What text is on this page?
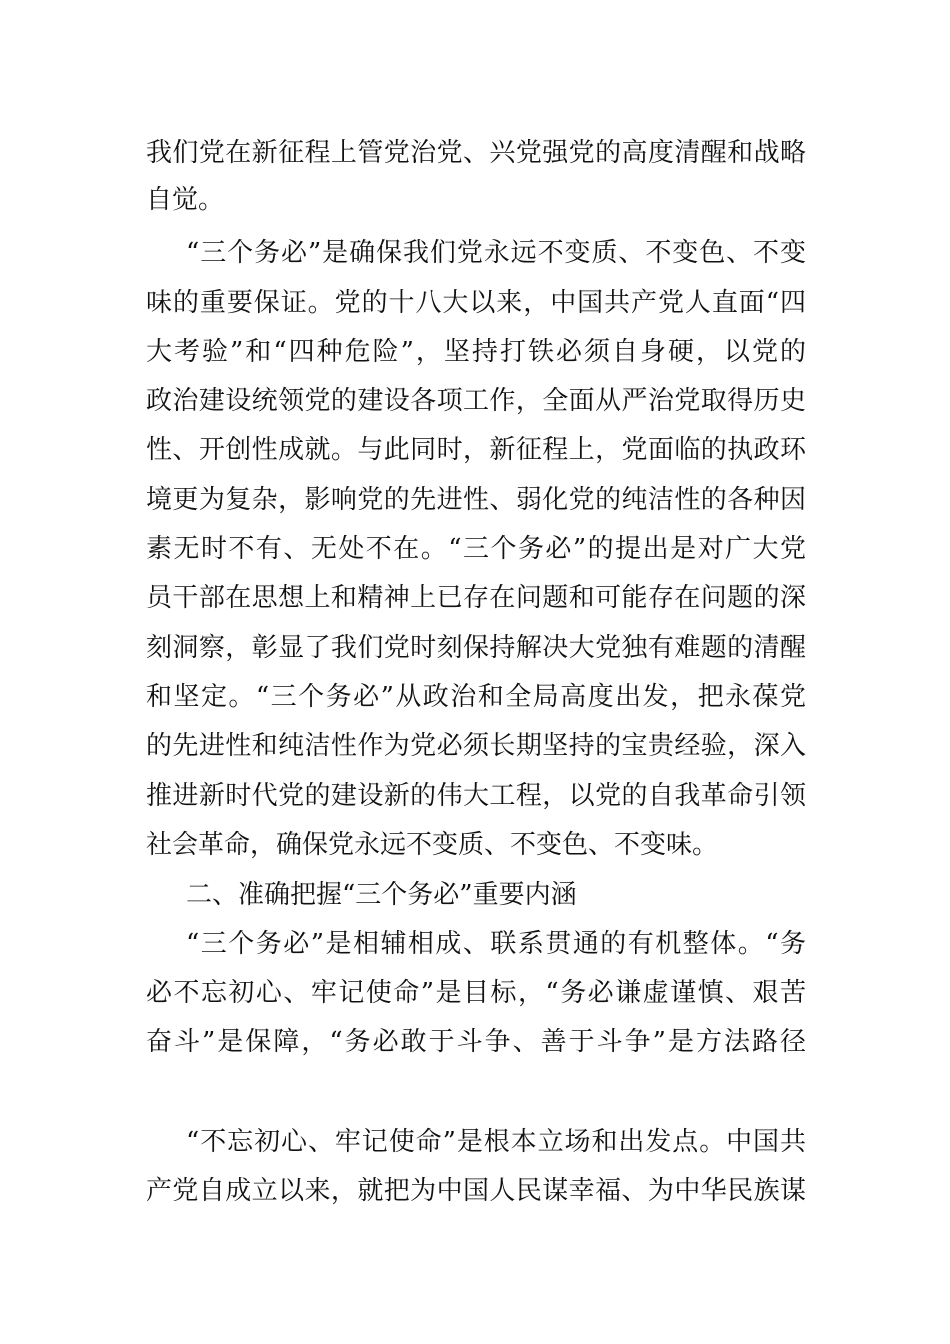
我们党在新征程上管党治党、兴党强党的高度清醒和战略
自觉。
“三个务必”是确保我们党永远不变质、不变色、不变
味的重要保证。党的十八大以来，中国共产党人直面“四
大考验”和“四种危险”，坚持打铁必须自身硬，以党的
政治建设统领党的建设各项工作，全面从严治党取得历史
性、开创性成就。与此同时，新征程上，党面临的执政环
境更为复杂，影响党的先进性、弱化党的纯洁性的各种因
素无时不有、无处不在。“三个务必”的提出是对广大党
员干部在思想上和精神上已存在问题和可能存在问题的深
刻洞察，彰显了我们党时刻保持解决大党独有难题的清醒
和坚定。“三个务必”从政治和全局高度出发，把永葆党
的先进性和纯洁性作为党必须长期坚持的宝贵经验，深入
推进新时代党的建设新的伟大工程，以党的自我革命引领
社会革命，确保党永远不变质、不变色、不变味。
二、准确把握“三个务必”重要内涵
“三个务必”是相辅相成、联系贯通的有机整体。“务
必不忘初心、牢记使命”是目标，“务必谦虚谨慎、艰苦
奋斗”是保障，“务必敢于斗争、善于斗争”是方法路径
“不忘初心、牢记使命”是根本立场和出发点。中国共
产党自成立以来，就把为中国人民谋幸福、为中华民族谋
